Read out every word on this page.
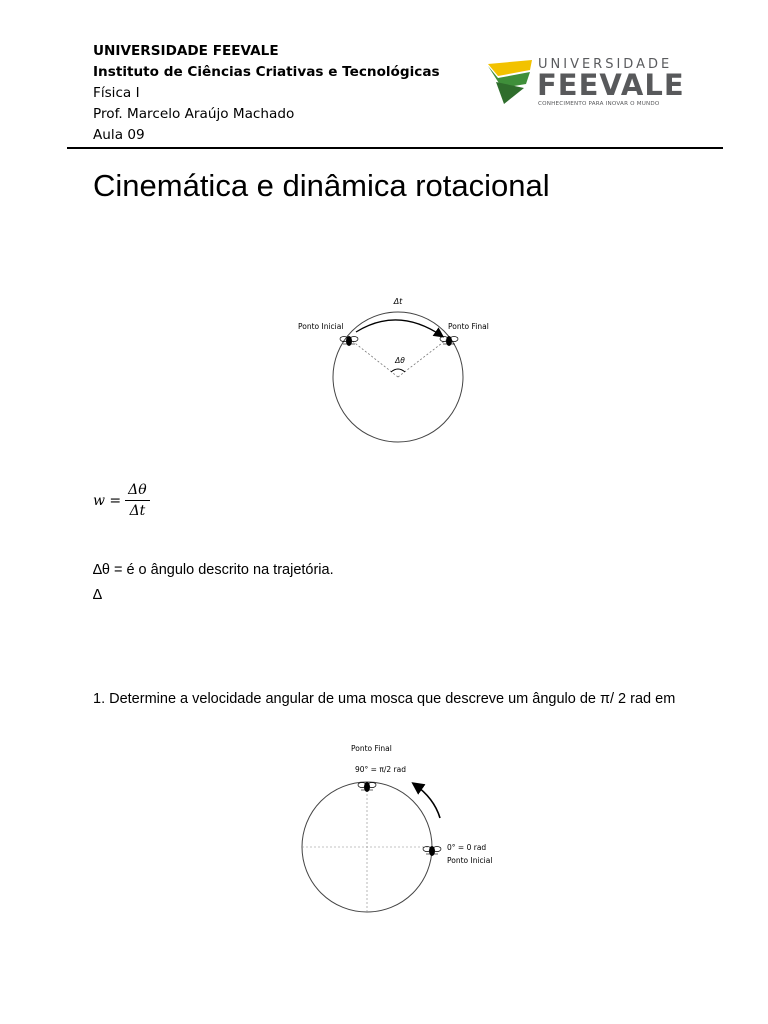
UNIVERSIDADE FEEVALE
Instituto de Ciências Criativas e Tecnológicas
Física I
Prof. Marcelo Araújo Machado
Aula 09
UNIVERSIDADE
FEEVALE
CONHECIMENTO PARA INOVAR O MUNDO
Cinemática e dinâmica rotacional
Δt
Ponto Inicial	Ponto Final
Δθ
$w = \frac{\Delta\theta}{\Delta t}$
∆θ = é o ângulo descrito na trajetória.
∆
1. Determine a velocidade angular de uma mosca que descreve um ângulo de π/ 2 rad em
Ponto Final
90° = π/2 rad
0° = 0 rad
Ponto Inicial
